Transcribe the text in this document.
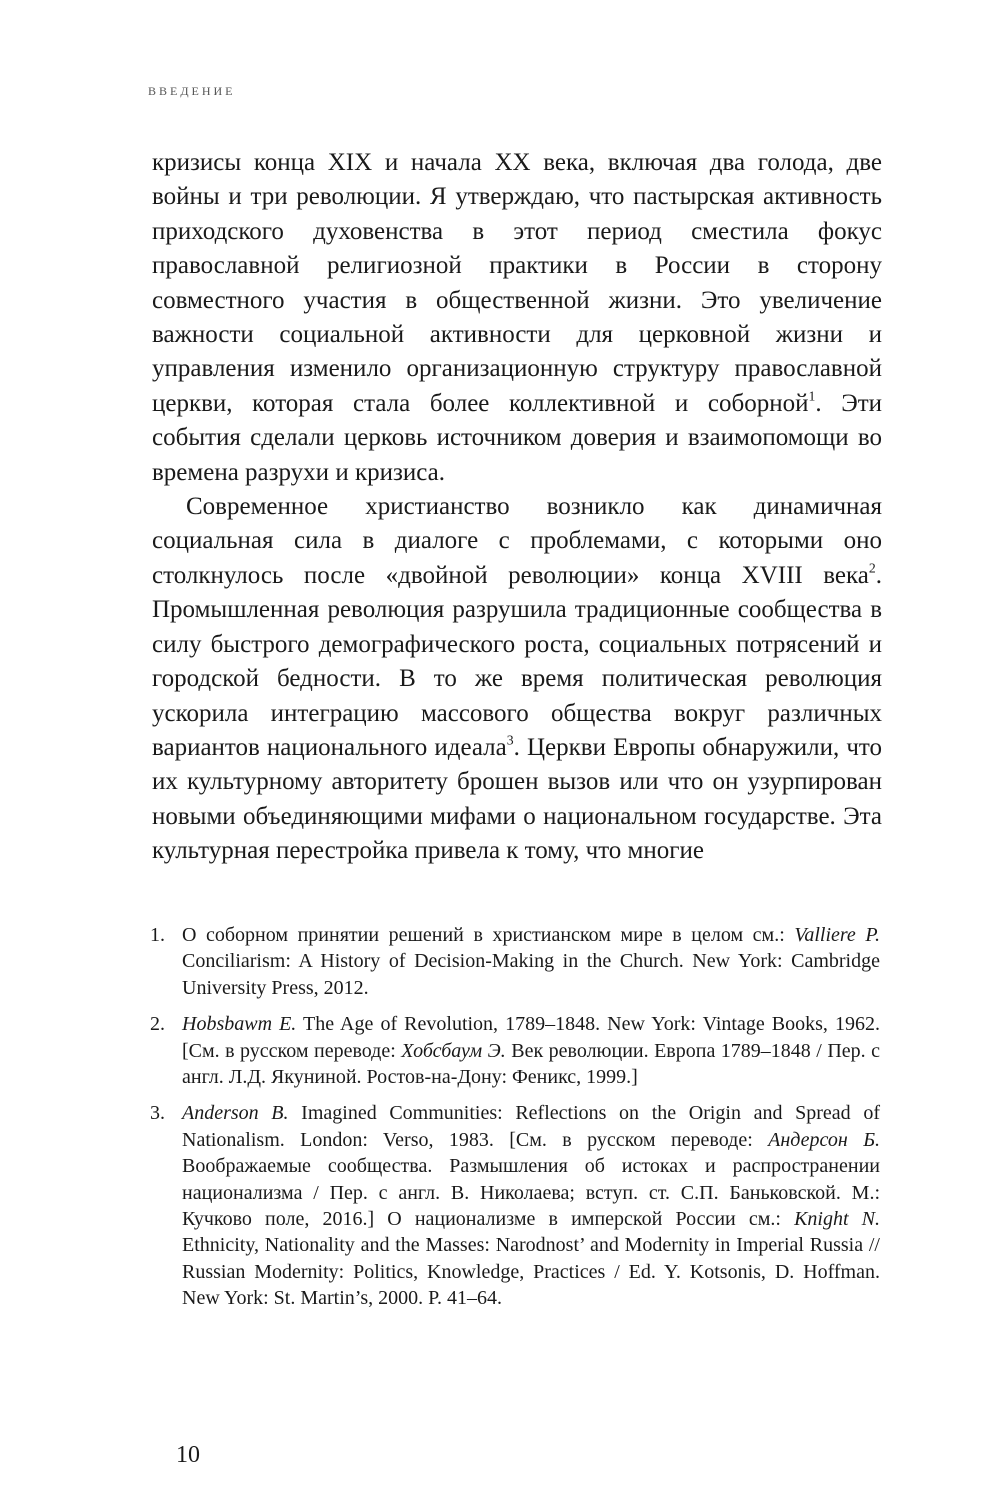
ВВЕДЕНИЕ

кризисы конца XIX и начала XX века, включая два голода, две войны и три революции. Я утверждаю, что пастырская активность приходского духовенства в этот период сместила фокус православной религиозной практики в России в сторону совместного участия в общественной жизни. Это увеличение важности социальной активности для церковной жизни и управления изменило организационную структуру православной церкви, которая стала более коллективной и соборной$^1$. Эти события сделали церковь источником доверия и взаимопомощи во времена разрухи и кризиса.

Современное христианство возникло как динамичная социальная сила в диалоге с проблемами, с которыми оно столкнулось после «двойной революции» конца XVIII века$^2$. Промышленная революция разрушила традиционные сообщества в силу быстрого демографического роста, социальных потрясений и городской бедности. В то же время политическая революция ускорила интеграцию массового общества вокруг различных вариантов национального идеала$^3$. Церкви Европы обнаружили, что их культурному авторитету брошен вызов или что он узурпирован новыми объединяющими мифами о национальном государстве. Эта культурная перестройка привела к тому, что многие

1. О соборном принятии решений в христианском мире в целом см.: Valliere P. Conciliarism: A History of Decision-Making in the Church. New York: Cambridge University Press, 2012.
2. Hobsbawm E. The Age of Revolution, 1789–1848. New York: Vintage Books, 1962. [См. в русском переводе: Хобсбаум Э. Век революции. Европа 1789–1848 / Пер. с англ. Л.Д. Якуниной. Ростов-на-Дону: Феникс, 1999.]
3. Anderson B. Imagined Communities: Reflections on the Origin and Spread of Nationalism. London: Verso, 1983. [См. в русском переводе: Андерсон Б. Воображаемые сообщества. Размышления об истоках и распространении национализма / Пер. с англ. В. Николаева; вступ. ст. С.П. Баньковской. М.: Кучково поле, 2016.] О национализме в имперской России см.: Knight N. Ethnicity, Nationality and the Masses: Narodnost’ and Modernity in Imperial Russia // Russian Modernity: Politics, Knowledge, Practices / Ed. Y. Kotsonis, D. Hoffman. New York: St. Martin’s, 2000. P. 41–64.
10
